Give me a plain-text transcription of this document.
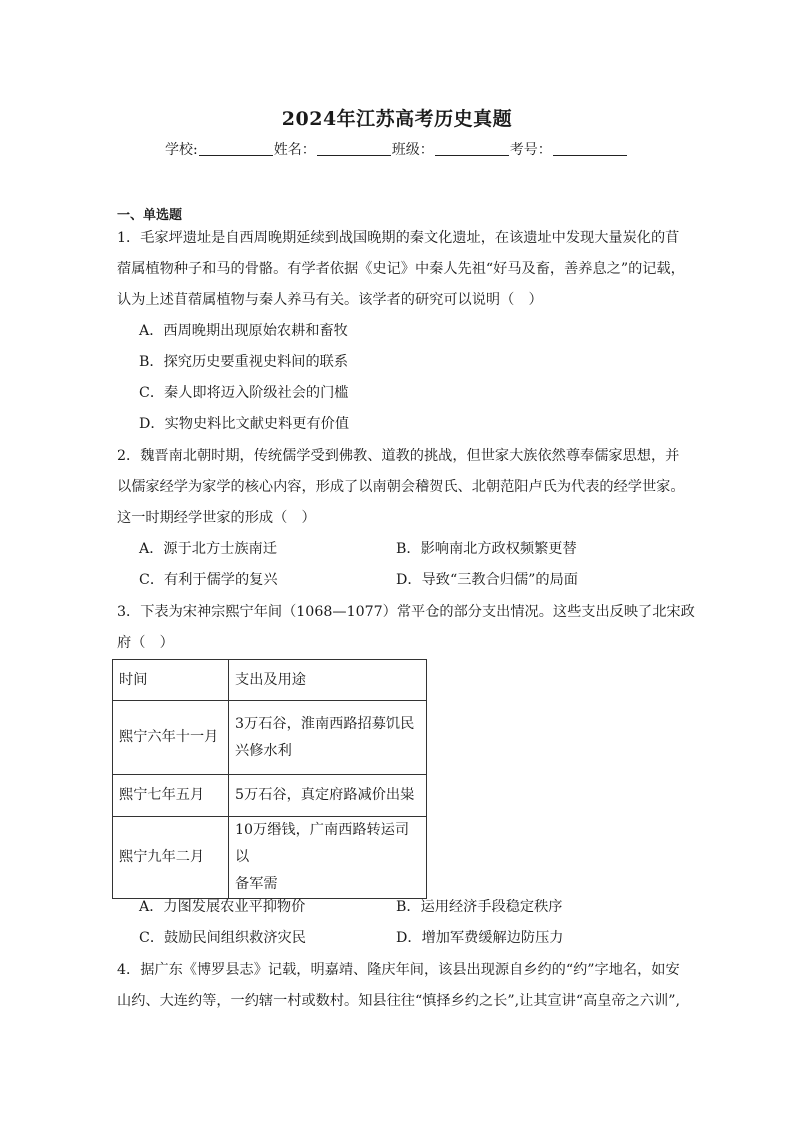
2024年江苏高考历史真题
学校:	姓名：	班级：	考号：
一、单选题
1．毛家坪遗址是自西周晚期延续到战国晚期的秦文化遗址，在该遗址中发现大量炭化的苜
蓿属植物种子和马的骨骼。有学者依据《史记》中秦人先祖“好马及畜，善养息之”的记载，
认为上述苜蓿属植物与秦人养马有关。该学者的研究可以说明（　）
A．西周晚期出现原始农耕和畜牧
B．探究历史要重视史料间的联系
C．秦人即将迈入阶级社会的门槛
D．实物史料比文献史料更有价值
2．魏晋南北朝时期，传统儒学受到佛教、道教的挑战，但世家大族依然尊奉儒家思想，并
以儒家经学为家学的核心内容，形成了以南朝会稽贺氏、北朝范阳卢氏为代表的经学世家。
这一时期经学世家的形成（　）
A．源于北方士族南迁	B．影响南北方政权频繁更替
C．有利于儒学的复兴	D．导致“三教合归儒”的局面
3．下表为宋神宗熙宁年间（1068—1077）常平仓的部分支出情况。这些支出反映了北宋政
府（　）
时间	支出及用途
熙宁六年十一月	3万石谷，淮南西路招募饥民
兴修水利

熙宁七年五月	5万石谷，真定府路减价出粜
熙宁九年二月	10万缗钱，广南西路转运司以
备军需
A．力图发展农业平抑物价	B．运用经济手段稳定秩序
C．鼓励民间组织救济灾民	D．增加军费缓解边防压力
4．据广东《博罗县志》记载，明嘉靖、隆庆年间，该县出现源自乡约的“约”字地名，如安
山约、大连约等，一约辖一村或数村。知县往往“慎择乡约之长”,让其宣讲“高皇帝之六训”,
